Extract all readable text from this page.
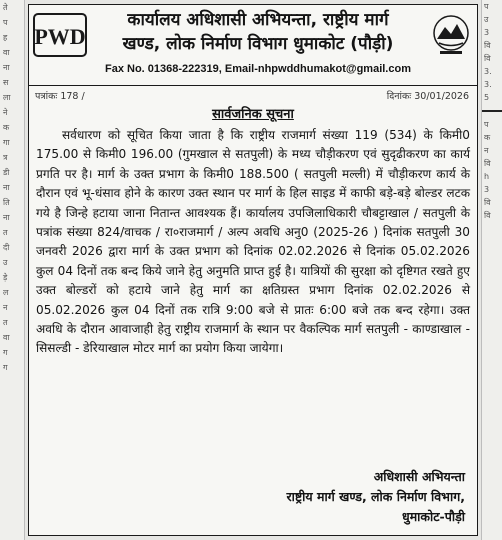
ते
प
ह
वा
ना
स
ला
ने
क
गा
त्र
डी
ना
ति
ना
त
दी
उ
ड़े
ल
न
त
वा
ग
ग
प
उ
3
वि
वि
3.
3.
5
प
क
न
वि
h
3
वि
वि
PWD
कार्यालय अधिशासी अभियन्ता, राष्ट्रीय मार्ग
खण्ड, लोक निर्माण विभाग धुमाकोट (पौड़ी)
Fax No. 01368-222319, Email-nhpwddhumakot@gmail.com
पत्रांकः 178 /	दिनांकः 30/01/2026
सार्वजनिक सूचना
सर्वधारण को सूचित किया जाता है कि राष्ट्रीय राजमार्ग संख्या 119 (534) के किमी0 175.00 से किमी0 196.00 (गुमखाल से सतपुली) के मध्य चौड़ीकरण एवं सुदृढीकरण का कार्य प्रगति पर है। मार्ग के उक्त प्रभाग के किमी0 188.500 ( सतपुली मल्ली) में चौड़ीकरण कार्य के दौरान एवं भू-धंसाव होने के कारण उक्त स्थान पर मार्ग के हिल साइड में काफी बड़े-बड़े बोल्डर लटक गये है जिन्हे हटाया जाना नितान्त आवश्यक हैं। कार्यालय उपजिलाधिकारी चौबट्टाखाल / सतपुली के पत्रांक संख्या 824/वाचक / रा०राजमार्ग / अल्प अवधि अनु0 (2025-26 ) दिनांक सतपुली 30 जनवरी 2026 द्वारा मार्ग के उक्त प्रभाग को दिनांक 02.02.2026 से दिनांक 05.02.2026 कुल 04 दिनों तक बन्द किये जाने हेतु अनुमति प्राप्त हुई है। यात्रियों की सुरक्षा को दृष्टिगत रखते हुए उक्त बोल्डरों को हटाये जाने हेतु मार्ग का क्षतिग्रस्त प्रभाग दिनांक 02.02.2026 से 05.02.2026 कुल 04 दिनों तक रात्रि 9:00 बजे से प्रातः 6:00 बजे तक बन्द रहेगा। उक्त अवधि के दौरान आवाजाही हेतु राष्ट्रीय राजमार्ग के स्थान पर वैकल्पिक मार्ग सतपुली - काण्डाखाल - सिसल्डी - डेरियाखाल मोटर मार्ग का प्रयोग किया जायेगा।
अधिशासी अभियन्ता
राष्ट्रीय मार्ग खण्ड, लोक निर्माण विभाग,
धुमाकोट-पौड़ी
